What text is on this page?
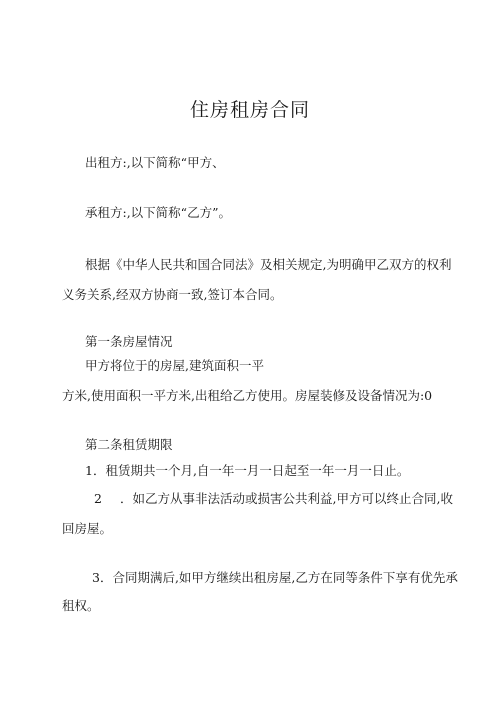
住房租房合同
出租方:,以下简称“甲方、
承租方:,以下简称“乙方”。
根据《中华人民共和国合同法》及相关规定,为明确甲乙双方的权利
义务关系,经双方协商一致,签订本合同。
第一条房屋情况
甲方将位于的房屋,建筑面积一平
方米,使用面积一平方米,出租给乙方使用。房屋装修及设备情况为:0
第二条租赁期限
1．租赁期共一个月,自一年一月一日起至一年一月一日止。
2 ．如乙方从事非法活动或损害公共利益,甲方可以终止合同,收
回房屋。
3．合同期满后,如甲方继续出租房屋,乙方在同等条件下享有优先承
租权。
